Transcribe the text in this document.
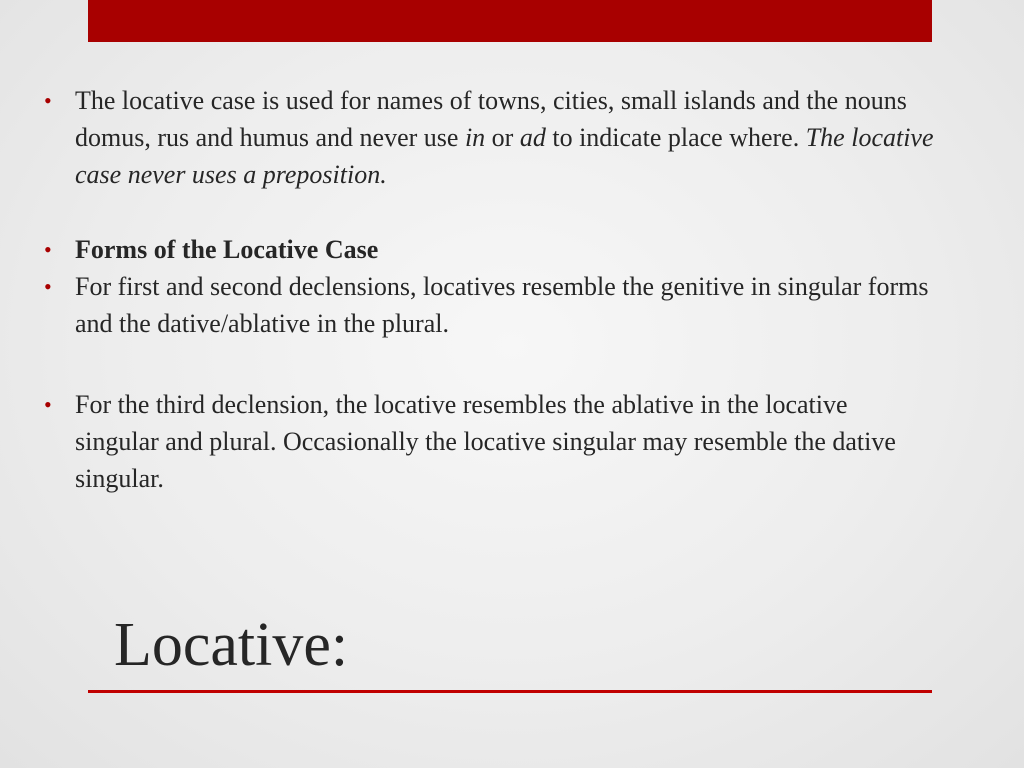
• The locative case is used for names of towns, cities, small islands and the nouns domus, rus and humus and never use in or ad to indicate place where. The locative case never uses a preposition.
• Forms of the Locative Case
• For first and second declensions, locatives resemble the genitive in singular forms and the dative/ablative in the plural.
• For the third declension, the locative resembles the ablative in the locative singular and plural. Occasionally the locative singular may resemble the dative singular.
Locative:
